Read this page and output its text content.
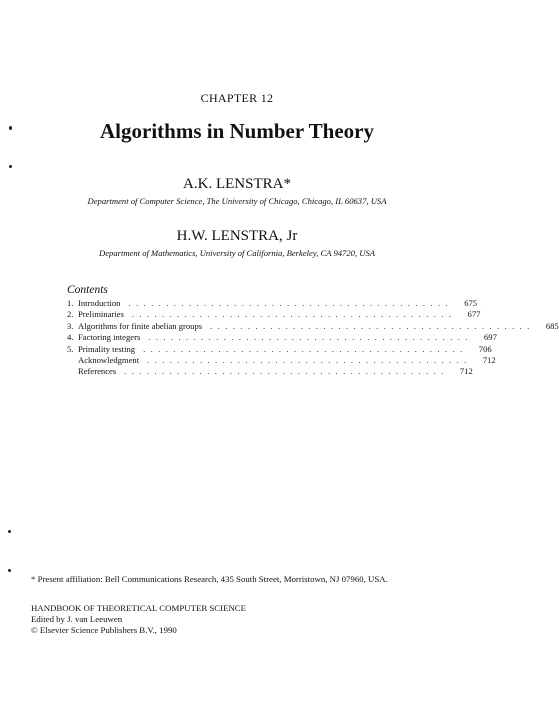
CHAPTER 12
Algorithms in Number Theory
A.K. LENSTRA*
Department of Computer Science, The University of Chicago, Chicago, IL 60637, USA
H.W. LENSTRA, Jr
Department of Mathematics, University of California, Berkeley, CA 94720, USA
Contents
1. Introduction ...........................................	675
2. Preliminaries ...........................................	677
3. Algorithms for finite abelian groups ...........................................	685
4. Factoring integers ...........................................	697
5. Primality testing ...........................................	706
Acknowledgment ...........................................	712
References ...........................................	712
* Present affiliation: Bell Communications Research, 435 South Street, Morristown, NJ 07960, USA.
HANDBOOK OF THEORETICAL COMPUTER SCIENCE
Edited by J. van Leeuwen
© Elsevier Science Publishers B.V., 1990
